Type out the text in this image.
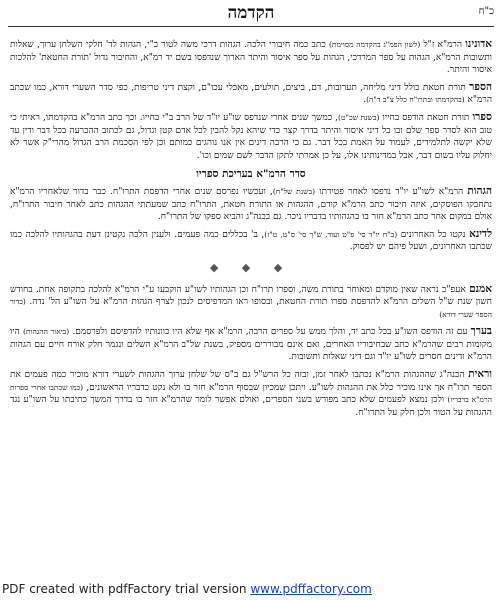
כ"ח
הקדמה

אדונינו הרמ"א ז"ל (לשון הפמ"ג בהקדמה מסוימת) כתב כמה חיבורי הלכה. הגהות דרכי משה לטור ב"י, הגהות לד' חלקי השלחן ערוך, שאלות ותשובות הרמ"א, הגהות על ספר המרדכי, הגהות על ספר איסור והיתר הארוך שנדפסו בשם יד רמ"א, והחיבור גדול 'תורת החטאת' להלכות איסור והיתר.

הספר תורת חטאת כולל דיני מליחה, תערובות, דם, ביצים, תולעים, מאכלי עכו"ם, וקצת דיני טריפות, כפי סדר השערי דורא, כמו שכתב הרמ"א (בהקדמתו ובתרו"ח כלל צ"ב ד"ה).

ספרו תורת חטאת הודפס בחייו (בשנת שכ"ט), כמשך שנים אחרי שנדפס שו"ע יו"ד של הרב ב"י בחייו. וכך כתב הרמ"א בהקדמתו, ראיתי כי טוב הוא לסדר ספר שלם ובו כל דיני איסור והיתר בדרך קצר כדי שיהא נקל להבין לכל אדם קטן וגדול, גם לכתוב ההכרעה בכל דבר ודין עד שלא יקשה לתלמידים, לעמוד על האמת בכל דבר. גם כי הרבה דינים אין אנו נוהגים כמותם וכן לפי הסכמת הרב הגדול מהרי"ק אשר לא יחלוק עליו בשום דבר, אבל במדינותינו אלו, על כן אמרתי לתקן הדבר לשם שמים וכו'.

סדר הרמ"א בעריכת ספריו

הגהות הרמ"א לשו"ע יו"ד נדפסו לאחר פטירתו (בשנת של"ח), ועכשיו נפרסם שנים אחרי הדפסת התרו"ח. כבר בדור שלאחריו הרמ"א נתחבקו הפוסקים, איזה חיבור כתב הרמ"א קודם, ההגהות או התורת חטאת, התרו"ח כתב שמעתתי ההגהות כתב לאחר חיבור התרו"ח, אולם במקום אחר כתב הרמ"א חזר בו בהגהותיו בדבריו ניכר. גם בכנה"ג והביא ספקו של התרו"ח.

לדינא נקטו כל האחרונים (ב"ח יו"ד סי' פ"ט ועוד, ש"ך סי' ס"ט, ט"ז), ב' בכללים כמה פעמים. ולענין הלכה נקטינן דעת בהגהותיו להלכה כמו שכתבו האחרונים, ושעל פיהם יש לפסוק.

◆ ◆ ◆

אמנם אעפ"כ נראה שאין מוקדם ומאוחר בתורת משה, וספרו תרו"ח וכן הגהותיו לשו"ע הוקבעו ע"י הרמ"א להלכה בתקופה אחת. בחודש חשון שנת ש"ל השלים הרמ"א להדפסת ספרו תורת החטאת, ובסופו ראו המדפיסים לנכון לצרף הגהות הרמ"א על השו"ע הל' נדה. (כדור הספר שערי דורא)

בערך עם זה הודפס השו"ע בכל כתב יד, והלך ממש על ספרים הרבה, הרמ"א אף שלא היו כוונותיו להדפיסם ולפרסמם. (ביאור ההגהות) היו מקומות רבים שהרמ"א כתב שבחיבוריו האחרים, ואם אינם מבוררים מספיק, בשנת של"ב הרמ"א השלים ונגמר חלק אורח חיים עם הגהות הרמ"א ודינים חסרים לשו"ע יו"ד וגם דיני שאלות ותשובות.

וראית הכנה"ג שההגהות הרמ"א נכתבו לאחר זמן, ובזה כל הרש"ל גם ב"ס של שלחן ערוך ההגהות לשערי דורא מוכיר כמה פעמים את הספר תרו"ח אך אינו מוכיר כלל את ההגהות לשו"ע. ויתכן שמכיון שבסוף הרמ"א חזר בו ולא נקט כדבריו הראשונים, (כמו שכתבו אחרי ספרות הרמ"א בדבריו) ולכן נמצא לפעמים שלא כתב מפורש בשני הספרים, ואולם אפשר לומר שהרמ"א חזר בו בדרך המשך כתיבתו על השו"ע נגד ההגהות על הטור ולכן חלק על התרו"ח.

PDF created with pdfFactory trial version www.pdffactory.com
